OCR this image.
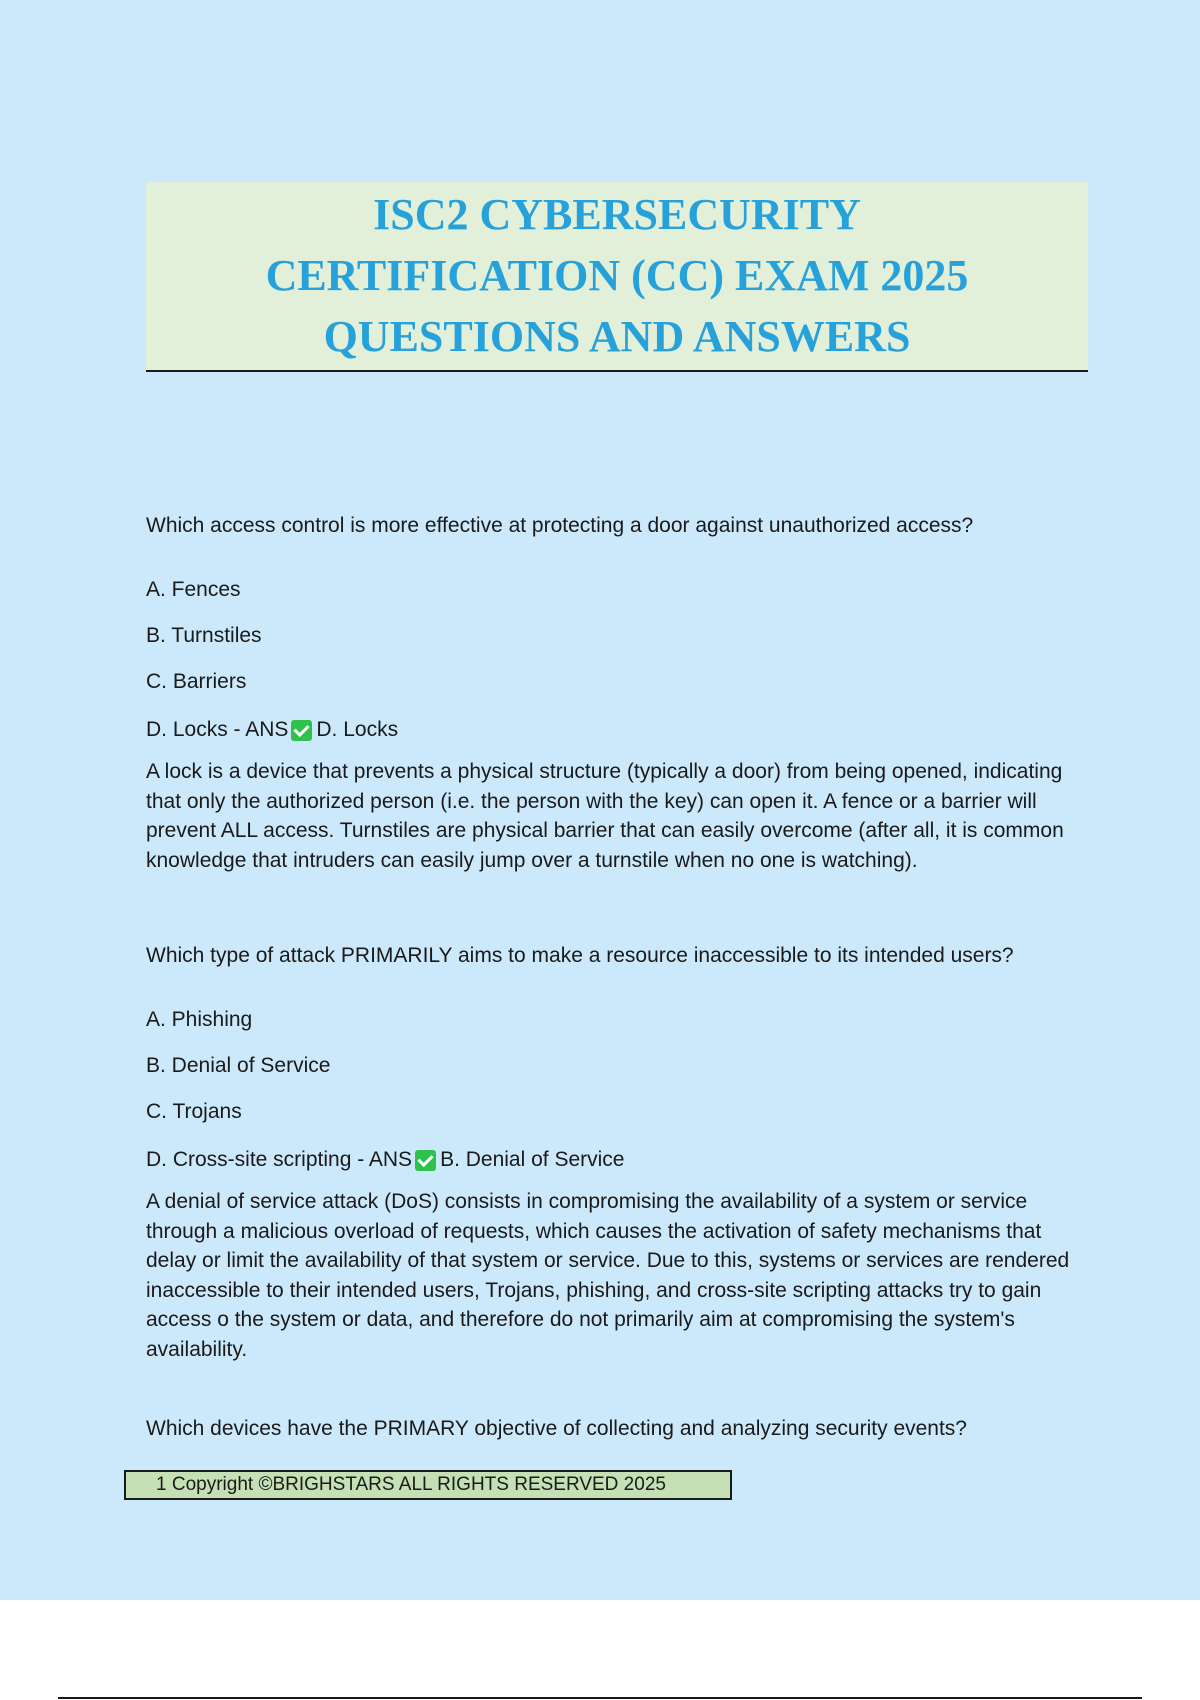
ISC2 CYBERSECURITY
CERTIFICATION (CC) EXAM 2025
QUESTIONS AND ANSWERS

Which access control is more effective at protecting a door against unauthorized access?

A. Fences

B. Turnstiles

C. Barriers

D. Locks - ANS D. Locks

A lock is a device that prevents a physical structure (typically a door) from being opened, indicating that only the authorized person (i.e. the person with the key) can open it. A fence or a barrier will prevent ALL access. Turnstiles are physical barrier that can easily overcome (after all, it is common knowledge that intruders can easily jump over a turnstile when no one is watching).

Which type of attack PRIMARILY aims to make a resource inaccessible to its intended users?

A. Phishing

B. Denial of Service

C. Trojans

D. Cross-site scripting - ANS B. Denial of Service

A denial of service attack (DoS) consists in compromising the availability of a system or service through a malicious overload of requests, which causes the activation of safety mechanisms that delay or limit the availability of that system or service. Due to this, systems or services are rendered inaccessible to their intended users, Trojans, phishing, and cross-site scripting attacks try to gain access o the system or data, and therefore do not primarily aim at compromising the system's availability.

Which devices have the PRIMARY objective of collecting and analyzing security events?

1 Copyright ©BRIGHSTARS ALL RIGHTS RESERVED 2025
